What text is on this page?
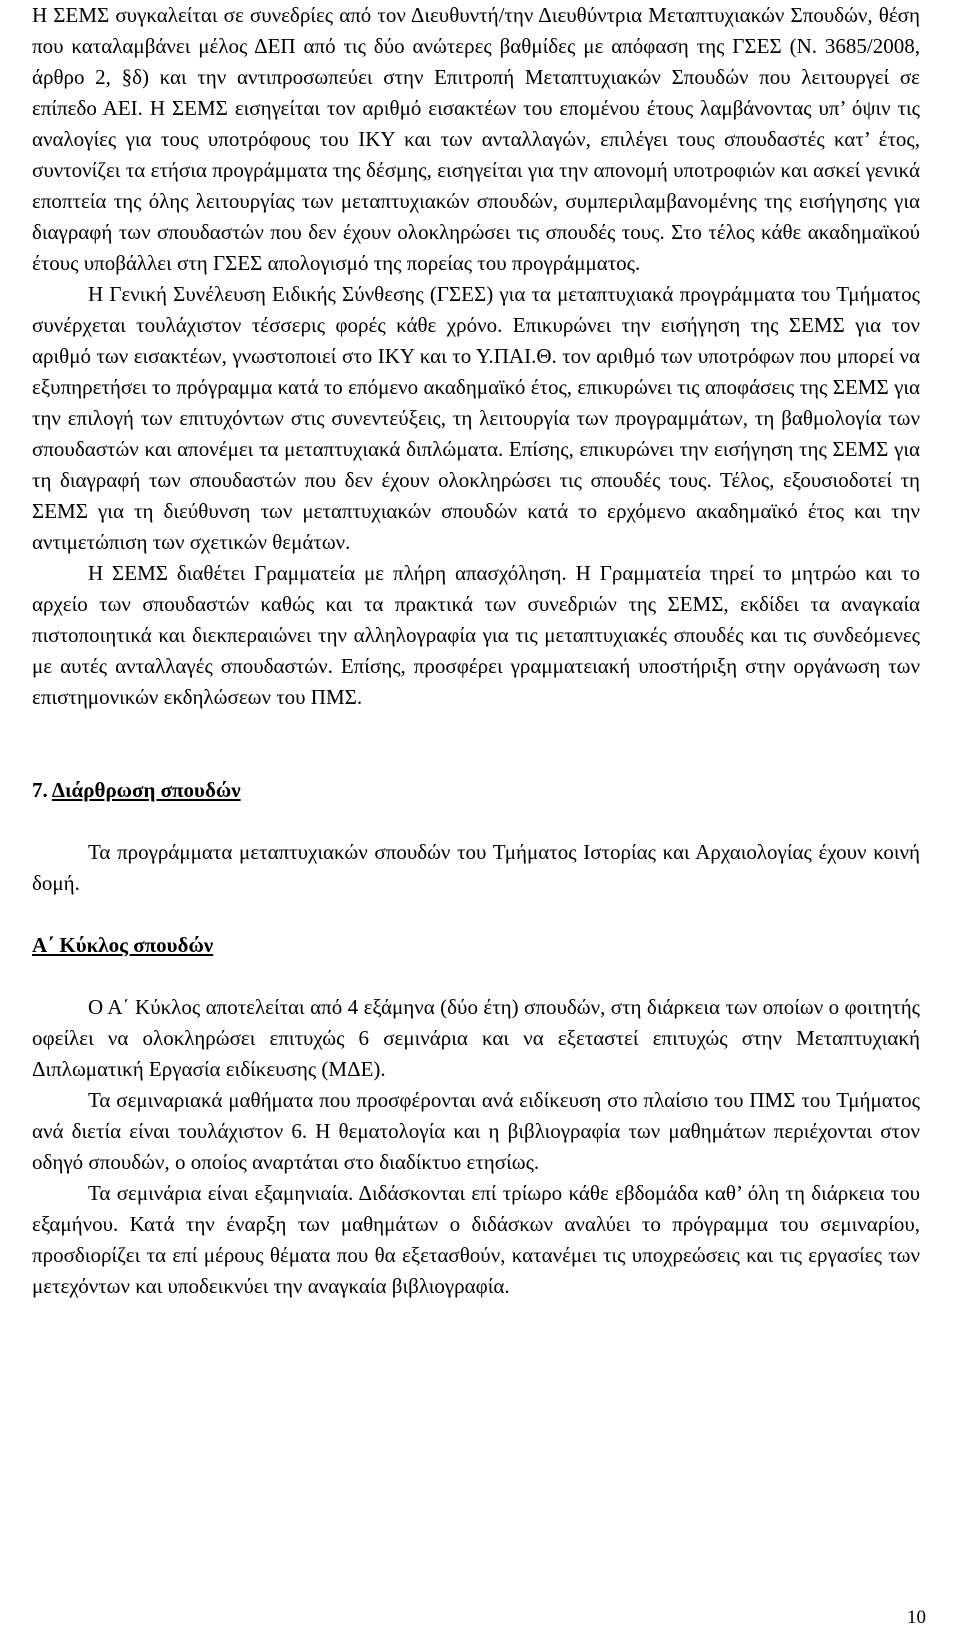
Η ΣΕΜΣ συγκαλείται σε συνεδρίες από τον Διευθυντή/την Διευθύντρια Μεταπτυχιακών Σπουδών, θέση που καταλαμβάνει μέλος ΔΕΠ από τις δύο ανώτερες βαθμίδες με απόφαση της ΓΣΕΣ (Ν. 3685/2008, άρθρο 2, §δ) και την αντιπροσωπεύει στην Επιτροπή Μεταπτυχιακών Σπουδών που λειτουργεί σε επίπεδο ΑΕΙ. Η ΣΕΜΣ εισηγείται τον αριθμό εισακτέων του επομένου έτους λαμβάνοντας υπ’ όψιν τις αναλογίες για τους υποτρόφους του ΙΚΥ και των ανταλλαγών, επιλέγει τους σπουδαστές κατ’ έτος, συντονίζει τα ετήσια προγράμματα της δέσμης, εισηγείται για την απονομή υποτροφιών και ασκεί γενικά εποπτεία της όλης λειτουργίας των μεταπτυχιακών σπουδών, συμπεριλαμβανομένης της εισήγησης για διαγραφή των σπουδαστών που δεν έχουν ολοκληρώσει τις σπουδές τους. Στο τέλος κάθε ακαδημαϊκού έτους υποβάλλει στη ΓΣΕΣ απολογισμό της πορείας του προγράμματος.

Η Γενική Συνέλευση Ειδικής Σύνθεσης (ΓΣΕΣ) για τα μεταπτυχιακά προγράμματα του Τμήματος συνέρχεται τουλάχιστον τέσσερις φορές κάθε χρόνο. Επικυρώνει την εισήγηση της ΣΕΜΣ για τον αριθμό των εισακτέων, γνωστοποιεί στο ΙΚΥ και το Υ.ΠΑΙ.Θ. τον αριθμό των υποτρόφων που μπορεί να εξυπηρετήσει το πρόγραμμα κατά το επόμενο ακαδημαϊκό έτος, επικυρώνει τις αποφάσεις της ΣΕΜΣ για την επιλογή των επιτυχόντων στις συνεντεύξεις, τη λειτουργία των προγραμμάτων, τη βαθμολογία των σπουδαστών και απονέμει τα μεταπτυχιακά διπλώματα. Επίσης, επικυρώνει την εισήγηση της ΣΕΜΣ για τη διαγραφή των σπουδαστών που δεν έχουν ολοκληρώσει τις σπουδές τους. Τέλος, εξουσιοδοτεί τη ΣΕΜΣ για τη διεύθυνση των μεταπτυχιακών σπουδών κατά το ερχόμενο ακαδημαϊκό έτος και την αντιμετώπιση των σχετικών θεμάτων.

Η ΣΕΜΣ διαθέτει Γραμματεία με πλήρη απασχόληση. Η Γραμματεία τηρεί το μητρώο και το αρχείο των σπουδαστών καθώς και τα πρακτικά των συνεδριών της ΣΕΜΣ, εκδίδει τα αναγκαία πιστοποιητικά και διεκπεραιώνει την αλληλογραφία για τις μεταπτυχιακές σπουδές και τις συνδεόμενες με αυτές ανταλλαγές σπουδαστών. Επίσης, προσφέρει γραμματειακή υποστήριξη στην οργάνωση των επιστημονικών εκδηλώσεων του ΠΜΣ.

7. Διάρθρωση σπουδών

Τα προγράμματα μεταπτυχιακών σπουδών του Τμήματος Ιστορίας και Αρχαιολογίας έχουν κοινή δομή.

Α΄ Κύκλος σπουδών

Ο Α΄ Κύκλος αποτελείται από 4 εξάμηνα (δύο έτη) σπουδών, στη διάρκεια των οποίων ο φοιτητής οφείλει να ολοκληρώσει επιτυχώς 6 σεμινάρια και να εξεταστεί επιτυχώς στην Μεταπτυχιακή Διπλωματική Εργασία ειδίκευσης (ΜΔΕ).

Τα σεμιναριακά μαθήματα που προσφέρονται ανά ειδίκευση στο πλαίσιο του ΠΜΣ του Τμήματος ανά διετία είναι τουλάχιστον 6. Η θεματολογία και η βιβλιογραφία των μαθημάτων περιέχονται στον οδηγό σπουδών, ο οποίος αναρτάται στο διαδίκτυο ετησίως.

Τα σεμινάρια είναι εξαμηνιαία. Διδάσκονται επί τρίωρο κάθε εβδομάδα καθ’ όλη τη διάρκεια του εξαμήνου. Κατά την έναρξη των μαθημάτων ο διδάσκων αναλύει το πρόγραμμα του σεμιναρίου, προσδιορίζει τα επί μέρους θέματα που θα εξετασθούν, κατανέμει τις υποχρεώσεις και τις εργασίες των μετεχόντων και υποδεικνύει την αναγκαία βιβλιογραφία.

10
